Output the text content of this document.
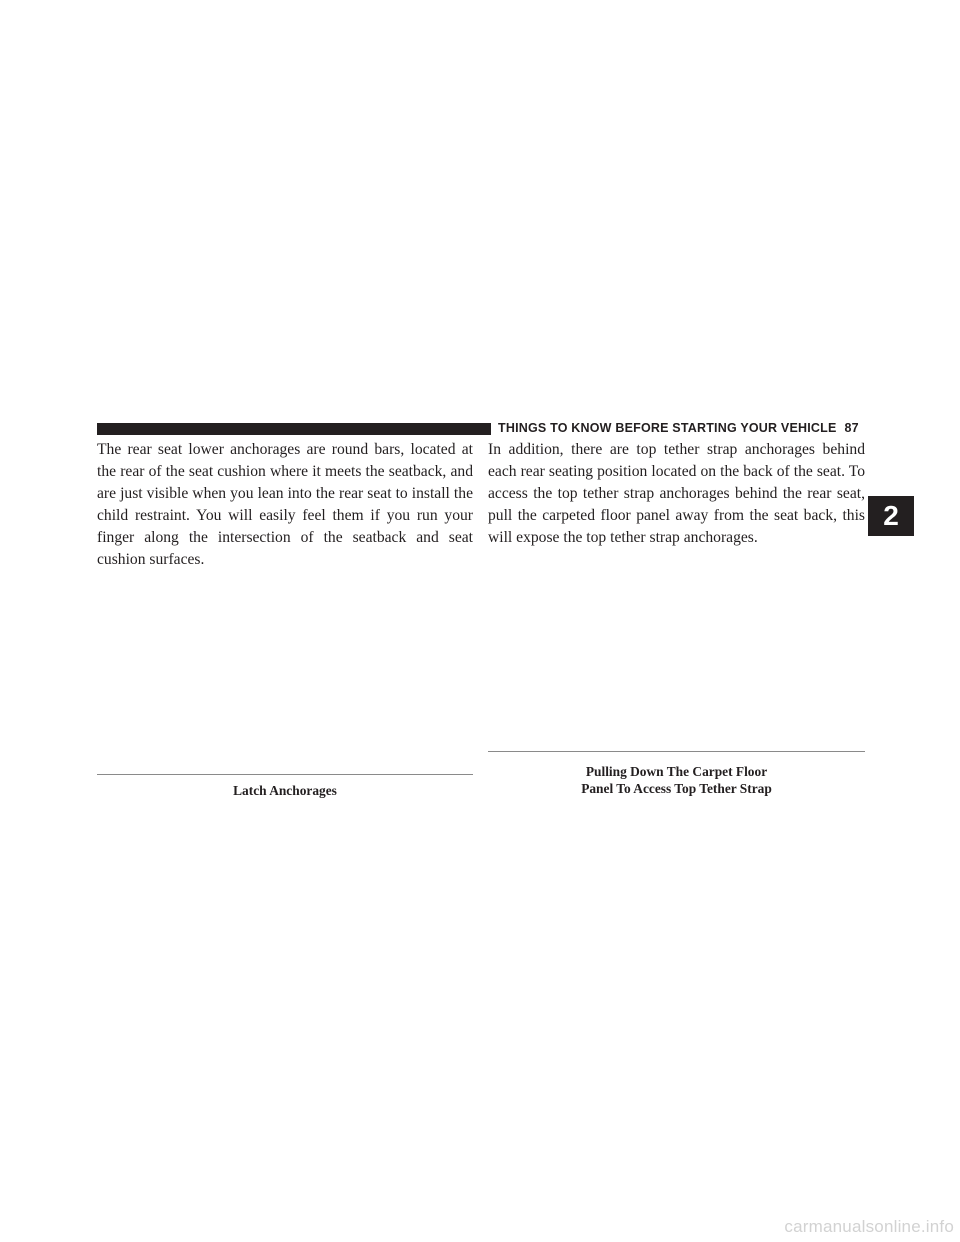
THINGS TO KNOW BEFORE STARTING YOUR VEHICLE 87
2

The rear seat lower anchorages are round bars, located at the rear of the seat cushion where it meets the seatback, and are just visible when you lean into the rear seat to install the child restraint. You will easily feel them if you run your finger along the intersection of the seatback and seat cushion surfaces.

In addition, there are top tether strap anchorages behind each rear seating position located on the back of the seat. To access the top tether strap anchorages behind the rear seat, pull the carpeted floor panel away from the seat back, this will expose the top tether strap anchorages.

Latch Anchorages

Pulling Down The Carpet Floor
Panel To Access Top Tether Strap
carmanualsonline.info
